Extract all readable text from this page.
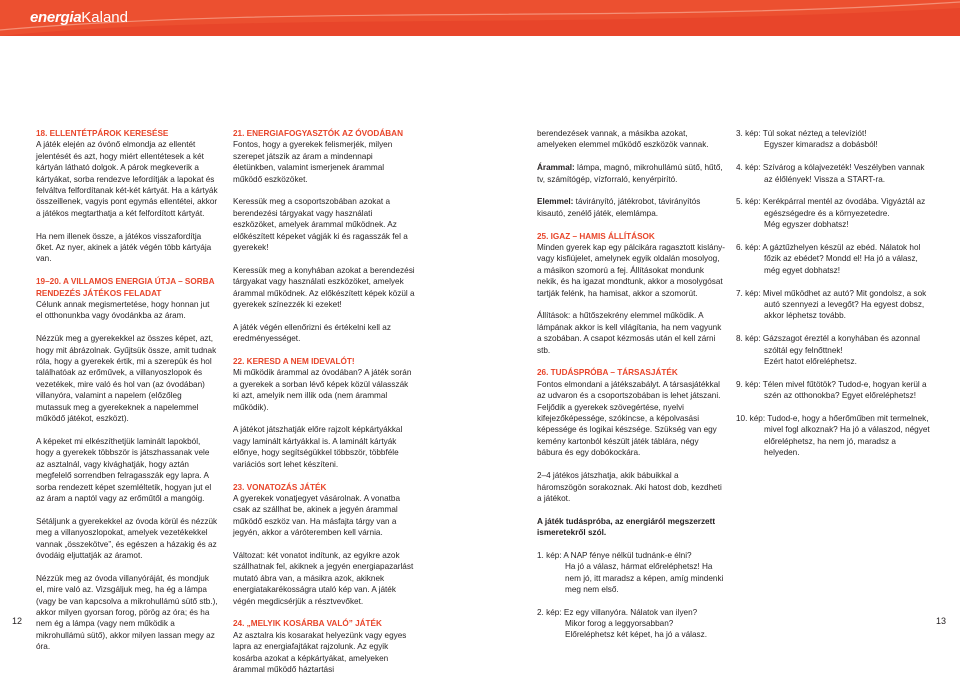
energiaKaland
18. ELLENTÉTPÁROK KERESÉSE

A játék elején az óvónő elmondja az ellentét jelentését és azt, hogy miért ellentétesek a két kártyán látható dolgok. A párok megkeverik a kártyákat, sorba rendezve lefordítják a lapokat és felváltva felfordítanak két-két kártyát. Ha a kártyák összeillenek, vagyis pont egymás ellentétei, akkor a játékos megtarthatja a két felfordított kártyát.

Ha nem illenek össze, a játékos visszafordítja őket. Az nyer, akinek a játék végén több kártyája van.

19–20. A VILLAMOS ENERGIA ÚTJA – SORBA RENDEZÉS JÁTÉKOS FELADAT

Célunk annak megismertetése, hogy honnan jut el otthonunkba vagy óvodánkba az áram.

Nézzük meg a gyerekekkel az összes képet, azt, hogy mit ábrázolnak. Gyűjtsük össze, amit tudnak róla, hogy a gyerekek értik, mi a szerepük és hol találhatóak az erőművek, a villanyoszlopok és vezetékek, mire való és hol van (az óvodában) villanyóra, valamint a napelem (előzőleg mutassuk meg a gyerekeknek a napelemmel működő játékot, eszközt).

A képeket mi elkészíthetjük laminált lapokból, hogy a gyerekek többször is játszhassanak vele az asztalnál, vagy kivághatják, hogy aztán megfelelő sorrendben felragasszák egy lapra. A sorba rendezett képet szemléltetik, hogyan jut el az áram a naptól vagy az erőműtől a mangóig.

Sétáljunk a gyerekekkel az óvoda körül és nézzük meg a villanyoszlopokat, amelyek vezetékekkel vannak „összekötve”, és egészen a házakig és az óvodáig eljuttatják az áramot.

Nézzük meg az óvoda villanyóráját, és mondjuk el, mire való az. Vizsgáljuk meg, ha ég a lámpa (vagy be van kapcsolva a mikrohullámú sütő stb.), akkor milyen gyorsan forog, pörög az óra; és ha nem ég a lámpa (vagy nem működik a mikrohullámú sütő), akkor milyen lassan megy az óra.

21. ENERGIAFOGYASZTÓK AZ ÓVODÁBAN

Fontos, hogy a gyerekek felismerjék, milyen szerepet játszik az áram a mindennapi életünkben, valamint ismerjenek árammal működő eszközöket.

Keressük meg a csoportszobában azokat a berendezési tárgyakat vagy használati eszközöket, amelyek árammal működnek. Az előkészített képeket vágják ki és ragasszák fel a gyerekek!

Keressük meg a konyhában azokat a berendezési tárgyakat vagy használati eszközöket, amelyek árammal működnek. Az előkészített képek közül a gyerekek színezzék ki ezeket!

A játék végén ellenőrizni és értékelni kell az eredményességet.

22. KERESD A NEM IDEVALÓT!

Mi működik árammal az óvodában? A játék során a gyerekek a sorban lévő képek közül válasszák ki azt, amelyik nem illik oda (nem árammal működik).

A játékot játszhatják előre rajzolt képkártyákkal vagy laminált kártyákkal is. A laminált kártyák előnye, hogy segítségükkel többször, többféle variációs sort lehet készíteni.

23. VONATOZÁS JÁTÉK

A gyerekek vonatjegyet vásárolnak. A vonatba csak az szállhat be, akinek a jegyén árammal működő eszköz van. Ha másfajta tárgy van a jegyén, akkor a váróteremben kell várnia.

Változat: két vonatot indítunk, az egyikre azok szállhatnak fel, akiknek a jegyén energiapazarlást mutató ábra van, a másikra azok, akiknek energiatakarékosságra utaló kép van. A játék végén megdicsérjük a résztvevőket.

24. „MELYIK KOSÁRBA VALÓ” JÁTÉK

Az asztalra kis kosarakat helyezünk vagy egyes lapra az energiafajtákat rajzolunk. Az egyik kosárba azokat a képkártyákat, amelyeken árammal működő háztartási

berendezések vannak, a másikba azokat, amelyeken elemmel működő eszközök vannak.

Árammal: lámpa, magnó, mikrohullámú sütő, hűtő, tv, számítógép, vízforraló, kenyérpirító.

Elemmel: távirányító, játékrobot, távirányítós kisautó, zenélő játék, elemlámpa.

25. IGAZ – HAMIS ÁLLÍTÁSOK

Minden gyerek kap egy pálcikára ragasztott kislány-vagy kisfiújelet, amelynek egyik oldalán mosolyog, a másikon szomorú a fej. Állításokat mondunk nekik, és ha igazat mondtunk, akkor a mosolygósat tartják felénk, ha hamisat, akkor a szomorút.

Állítások: a hűtőszekrény elemmel működik. A lámpának akkor is kell világítania, ha nem vagyunk a szobában. A csapot kézmosás után el kell zárni stb.

26. TUDÁSPRÓBA – TÁRSASJÁTÉK

Fontos elmondani a játékszabályt. A társasjátékkal az udvaron és a csoportszobában is lehet játszani. Feljődik a gyerekek szövegértése, nyelvi kifejezőképessége, szókincse, a képolvasási képessége és logikai készsége. Szükség van egy kemény kartonból készült játék táblára, négy bábura és egy dobókockára.

2–4 játékos játszhatja, akik bábuikkal a háromszögön sorakoznak. Aki hatost dob, kezdheti a játékot.

A játék tudáspróba, az energiáról megszerzett ismeretekről szól.

1. kép: A NAP fénye nélkül tudnánk-e élni?
Ha jó a válasz, hármat előreléphetsz! Ha nem jó, itt maradsz a képen, amíg mindenki meg nem első.
2. kép: Ez egy villanyóra. Nálatok van ilyen?
Mikor forog a leggyorsabban? Előreléphetsz két képet, ha jó a válasz.

3. kép: Túl sokat néztед a televíziót!
Egyszer kimaradsz a dobásból!

4. kép: Szívárog a kólajvezeték! Veszélyben vannak
az élőlények! Vissza a START-ra.

5. kép: Kerékpárral mentél az óvodába. Vigyáztál az
egészségedre és a környezetedre.
Még egyszer dobhatsz!

6. kép: A gáztűzhelyen készül az ebéd. Nálatok hol
főzik az ebédet? Mondd el! Ha jó a válasz,
még egyet dobhatsz!

7. kép: Mivel működhet az autó? Mit gondolsz, a sok
autó szennyezi a levegőt? Ha egyest dobsz,
akkor léphetsz tovább.

8. kép: Gázszagot éreztél a konyhában és azonnal
szóltál egy felnőttnek!
Ezért hatot előreléphetsz.

9. kép: Télen mivel fűtötök? Tudod-e, hogyan kerül a
szén az otthonokba? Egyet előreléphetsz!

10. kép: Tudod-e, hogy a hőerőműben mit termelnek,
mivel fogl alkoznak? Ha jó a válaszod, négyet
előreléphetsz, ha nem jó, maradsz a helyeden.

12	13
